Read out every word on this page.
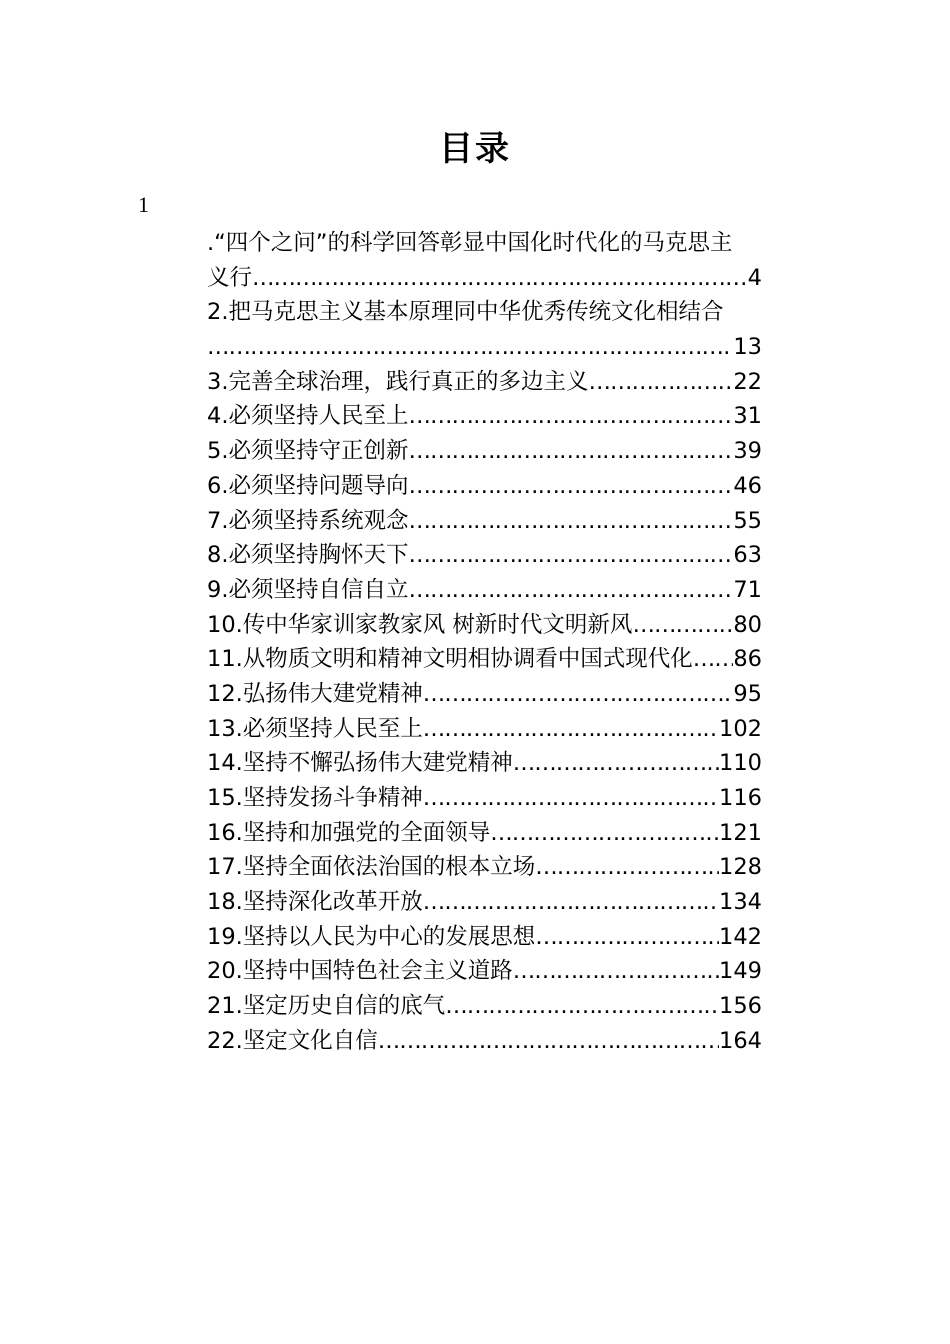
目录
1
.“四个之问”的科学回答彰显中国化时代化的马克思主
义行 ……………………………………………………………………………………………………………………………………………………	4
2.把马克思主义基本原理同中华优秀传统文化相结合
……………………………………………………………………………………………………………………………………………………
13
3.完善全球治理，践行真正的多边主义 ……………………………………………………………………………………………………………………………………………………	22
4.必须坚持人民至上 ……………………………………………………………………………………………………………………………………………………	31
5.必须坚持守正创新 ……………………………………………………………………………………………………………………………………………………	39
6.必须坚持问题导向 ……………………………………………………………………………………………………………………………………………………	46
7.必须坚持系统观念 ……………………………………………………………………………………………………………………………………………………	55
8.必须坚持胸怀天下 ……………………………………………………………………………………………………………………………………………………	63
9.必须坚持自信自立 ……………………………………………………………………………………………………………………………………………………	71
10.传中华家训家教家风 树新时代文明新风 ……………………………………………………………………………………………………………………………………………………	80
11.从物质文明和精神文明相协调看中国式现代化 …………………………………………………………………………………………………………………………………………………… 86
12.弘扬伟大建党精神 ……………………………………………………………………………………………………………………………………………………	95
13.必须坚持人民至上 ……………………………………………………………………………………………………………………………………………………	102
14.坚持不懈弘扬伟大建党精神 ……………………………………………………………………………………………………………………………………………………	110
15.坚持发扬斗争精神 ……………………………………………………………………………………………………………………………………………………	116
16.坚持和加强党的全面领导 ……………………………………………………………………………………………………………………………………………………	121
17.坚持全面依法治国的根本立场 ……………………………………………………………………………………………………………………………………………………	128
18.坚持深化改革开放 ……………………………………………………………………………………………………………………………………………………	134
19.坚持以人民为中心的发展思想 ……………………………………………………………………………………………………………………………………………………	142
20.坚持中国特色社会主义道路 ……………………………………………………………………………………………………………………………………………………	149
21.坚定历史自信的底气 ……………………………………………………………………………………………………………………………………………………	156
22.坚定文化自信 ……………………………………………………………………………………………………………………………………………………	164
